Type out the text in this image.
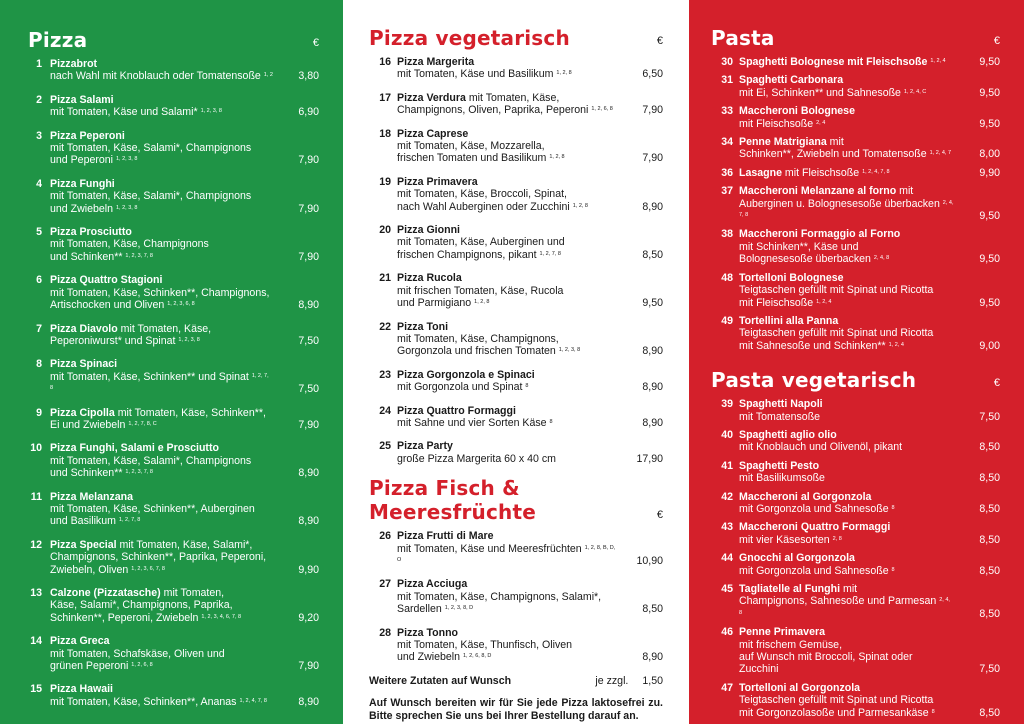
Pizza	€
1 Pizzabrot
nach Wahl mit Knoblauch oder Tomatensoße $^{1, 2}$	3,80
2 Pizza Salami
mit Tomaten, Käse und Salami* $^{1, 2, 3, 8}$	6,90
3 Pizza Peperoni
mit Tomaten, Käse, Salami*, Champignons
und Peperoni $^{1, 2, 3, 8}$	7,90
4 Pizza Funghi
mit Tomaten, Käse, Salami*, Champignons
und Zwiebeln $^{1, 2, 3, 8}$	7,90
5 Pizza Prosciutto
mit Tomaten, Käse, Champignons
und Schinken** $^{1, 2, 3, 7, 8}$	7,90
6 Pizza Quattro Stagioni
mit Tomaten, Käse, Schinken**, Champignons,
Artischocken und Oliven $^{1, 2, 3, 6, 8}$	8,90
7 Pizza Diavolo mit Tomaten, Käse,
Peperoniwurst* und Spinat $^{1, 2, 3, 8}$	7,50
8 Pizza Spinaci
mit Tomaten, Käse, Schinken** und Spinat $^{1, 2, 7, 8}$	7,50
9 Pizza Cipolla mit Tomaten, Käse, Schinken**,
Ei und Zwiebeln $^{1, 2, 7, 8, C}$	7,90
10 Pizza Funghi, Salami e Prosciutto
mit Tomaten, Käse, Salami*, Champignons
und Schinken** $^{1, 2, 3, 7, 8}$	8,90
11 Pizza Melanzana
mit Tomaten, Käse, Schinken**, Auberginen
und Basilikum $^{1, 2, 7, 8}$	8,90
12 Pizza Special mit Tomaten, Käse, Salami*,
Champignons, Schinken**, Paprika, Peperoni,
Zwiebeln, Oliven $^{1, 2, 3, 6, 7, 8}$	9,90
13 Calzone (Pizzatasche) mit Tomaten,
Käse, Salami*, Champignons, Paprika,
Schinken**, Peperoni, Zwiebeln $^{1, 2, 3, 4, 6, 7, 8}$	9,20
14 Pizza Greca
mit Tomaten, Schafskäse, Oliven und
grünen Peperoni $^{1, 2, 6, 8}$	7,90
15 Pizza Hawaii
mit Tomaten, Käse, Schinken**, Ananas $^{1, 2, 4, 7, 8}$	8,90
Pizza vegetarisch	€
16 Pizza Margerita
mit Tomaten, Käse und Basilikum $^{1, 2, 8}$	6,50
17 Pizza Verdura mit Tomaten, Käse,
Champignons, Oliven, Paprika, Peperoni $^{1, 2, 6, 8}$	7,90
18 Pizza Caprese
mit Tomaten, Käse, Mozzarella,
frischen Tomaten und Basilikum $^{1, 2, 8}$	7,90
19 Pizza Primavera
mit Tomaten, Käse, Broccoli, Spinat,
nach Wahl Auberginen oder Zucchini $^{1, 2, 8}$	8,90
20 Pizza Gionni
mit Tomaten, Käse, Auberginen und
frischen Champignons, pikant $^{1, 2, 7, 8}$	8,50
21 Pizza Rucola
mit frischen Tomaten, Käse, Rucola
und Parmigiano $^{1, 2, 8}$	9,50
22 Pizza Toni
mit Tomaten, Käse, Champignons,
Gorgonzola und frischen Tomaten $^{1, 2, 3, 8}$	8,90
23 Pizza Gorgonzola e Spinaci
mit Gorgonzola und Spinat $^8$	8,90
24 Pizza Quattro Formaggi
mit Sahne und vier Sorten Käse $^8$	8,90
25 Pizza Party
große Pizza Margerita 60 x 40 cm	17,90
Pizza Fisch & Meeresfrüchte	€
26 Pizza Frutti di Mare
mit Tomaten, Käse und Meeresfrüchten $^{1, 2, 8, B, D, O}$	10,90
27 Pizza Acciuga
mit Tomaten, Käse, Champignons, Salami*,
Sardellen $^{1, 2, 3, 8, D}$	8,50
28 Pizza Tonno
mit Tomaten, Käse, Thunfisch, Oliven
und Zwiebeln $^{1, 2, 6, 8, D}$	8,90
Weitere Zutaten auf Wunsch	je zzgl. 1,50
Auf Wunsch bereiten wir für Sie jede Pizza laktosefrei zu. Bitte sprechen Sie uns bei Ihrer Bestellung darauf an.
Pasta	€
30 Spaghetti Bolognese mit Fleischsoße $^{1, 2, 4}$	9,50
31 Spaghetti Carbonara
mit Ei, Schinken** und Sahnesoße $^{1, 2, 4, C}$	9,50
33 Maccheroni Bolognese
mit Fleischsoße $^{2, 4}$	9,50
34 Penne Matrigiana mit
Schinken**, Zwiebeln und Tomatensoße $^{1, 2, 4, 7}$	8,00
36 Lasagne mit Fleischsoße $^{1, 2, 4, 7, 8}$	9,90
37 Maccheroni Melanzane al forno mit
Auberginen u. Bolognesesoße überbacken $^{2, 4, 7, 8}$	9,50
38 Maccheroni Formaggio al Forno
mit Schinken**, Käse und
Bolognesesoße überbacken $^{2, 4, 8}$	9,50
48 Tortelloni Bolognese
Teigtaschen gefüllt mit Spinat und Ricotta
mit Fleischsoße $^{1, 2, 4}$	9,50
49 Tortellini alla Panna
Teigtaschen gefüllt mit Spinat und Ricotta
mit Sahnesoße und Schinken** $^{1, 2, 4}$	9,00
Pasta vegetarisch	€
39 Spaghetti Napoli
mit Tomatensoße	7,50
40 Spaghetti aglio olio
mit Knoblauch und Olivenöl, pikant	8,50
41 Spaghetti Pesto
mit Basilikumsoße	8,50
42 Maccheroni al Gorgonzola
mit Gorgonzola und Sahnesoße $^8$	8,50
43 Maccheroni Quattro Formaggi
mit vier Käsesorten $^{2, 8}$	8,50
44 Gnocchi al Gorgonzola
mit Gorgonzola und Sahnesoße $^8$	8,50
45 Tagliatelle al Funghi mit
Champignons, Sahnesoße und Parmesan $^{2, 4, 8}$	8,50
46 Penne Primavera
mit frischem Gemüse,
auf Wunsch mit Broccoli, Spinat oder Zucchini	7,50
47 Tortelloni al Gorgonzola
Teigtaschen gefüllt mit Spinat und Ricotta
mit Gorgonzolasoße und Parmesankäse $^8$	8,50
